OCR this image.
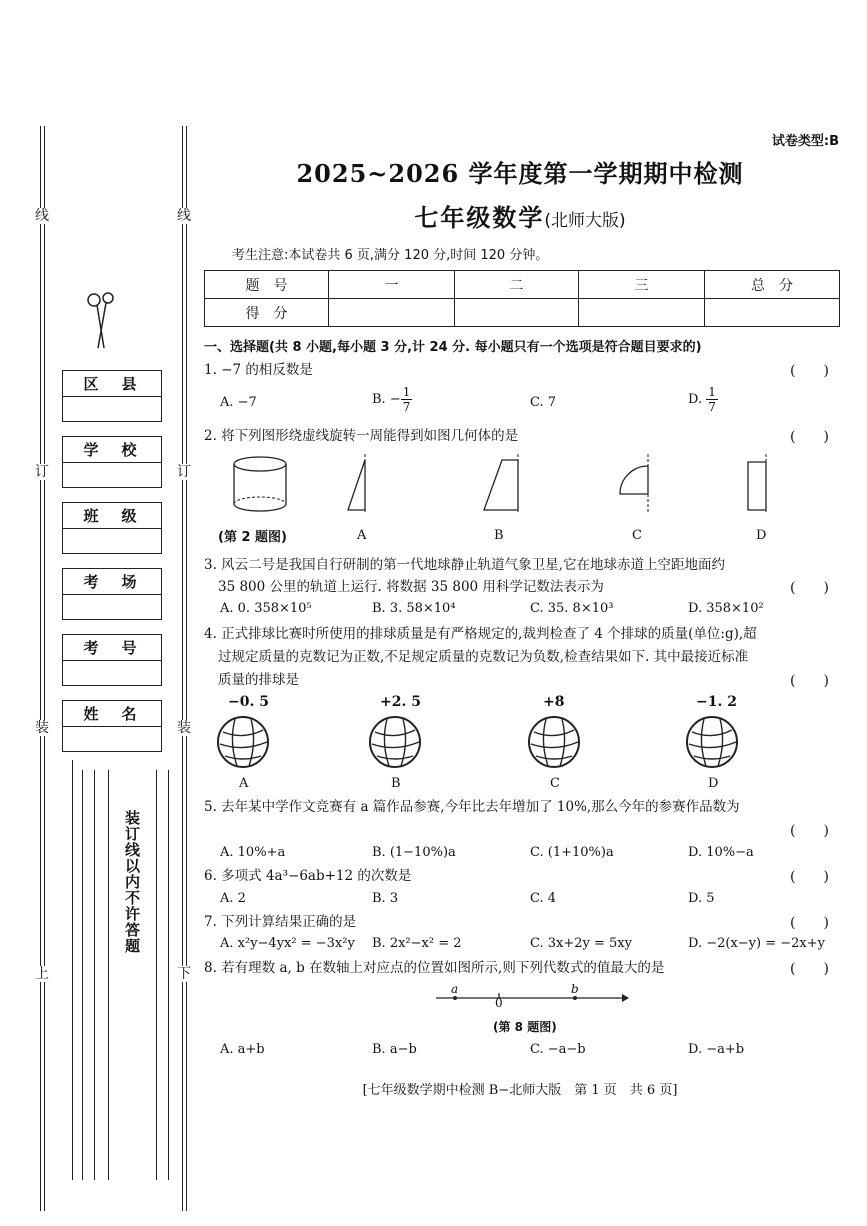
线
订
装
上
线
订
装
下
区　县
学　校
班　级
考　场
考　号
姓　名
装订线以内不许答题
试卷类型:B
2025~2026 学年度第一学期期中检测
七年级数学(北师大版)
考生注意:本试卷共 6 页,满分 120 分,时间 120 分钟。
题　号	一	二	三	总　分
得　分				
一、选择题(共 8 小题,每小题 3 分,计 24 分. 每小题只有一个选项是符合题目要求的)
1. −7 的相反数是	(　　)
A. −7	B. − $\frac{1}{7}$	C. 7	D. $\frac{1}{7}$
2. 将下列图形绕虚线旋转一周能得到如图几何体的是	(　　)
(第 2 题图)	A	B	C	D
3. 风云二号是我国自行研制的第一代地球静止轨道气象卫星,它在地球赤道上空距地面约
35 800 公里的轨道上运行. 将数据 35 800 用科学记数法表示为	(　　)
A. 0. 358×10⁵	B. 3. 58×10⁴	C. 35. 8×10³	D. 358×10²
4. 正式排球比赛时所使用的排球质量是有严格规定的,裁判检查了 4 个排球的质量(单位:g),超
过规定质量的克数记为正数,不足规定质量的克数记为负数,检查结果如下. 其中最接近标准
质量的排球是	(　　)
−0. 5	+2. 5	+8	−1. 2
A	B	C	D
5. 去年某中学作文竞赛有 a 篇作品参赛,今年比去年增加了 10%,那么今年的参赛作品数为
(　　)
A. 10%+a	B. (1−10%)a	C. (1+10%)a	D. 10%−a
6. 多项式 4a³−6ab+12 的次数是	(　　)
A. 2	B. 3	C. 4	D. 5
7. 下列计算结果正确的是	(　　)
A. x²y−4yx² = −3x²y B. 2x²−x² = 2	C. 3x+2y = 5xy	D. −2(x−y) = −2x+y
8. 若有理数 a, b 在数轴上对应点的位置如图所示,则下列代数式的值最大的是	(　　)
a
0
b
(第 8 题图)
A. a+b	B. a−b	C. −a−b	D. −a+b
[七年级数学期中检测 B−北师大版　第 1 页　共 6 页]
